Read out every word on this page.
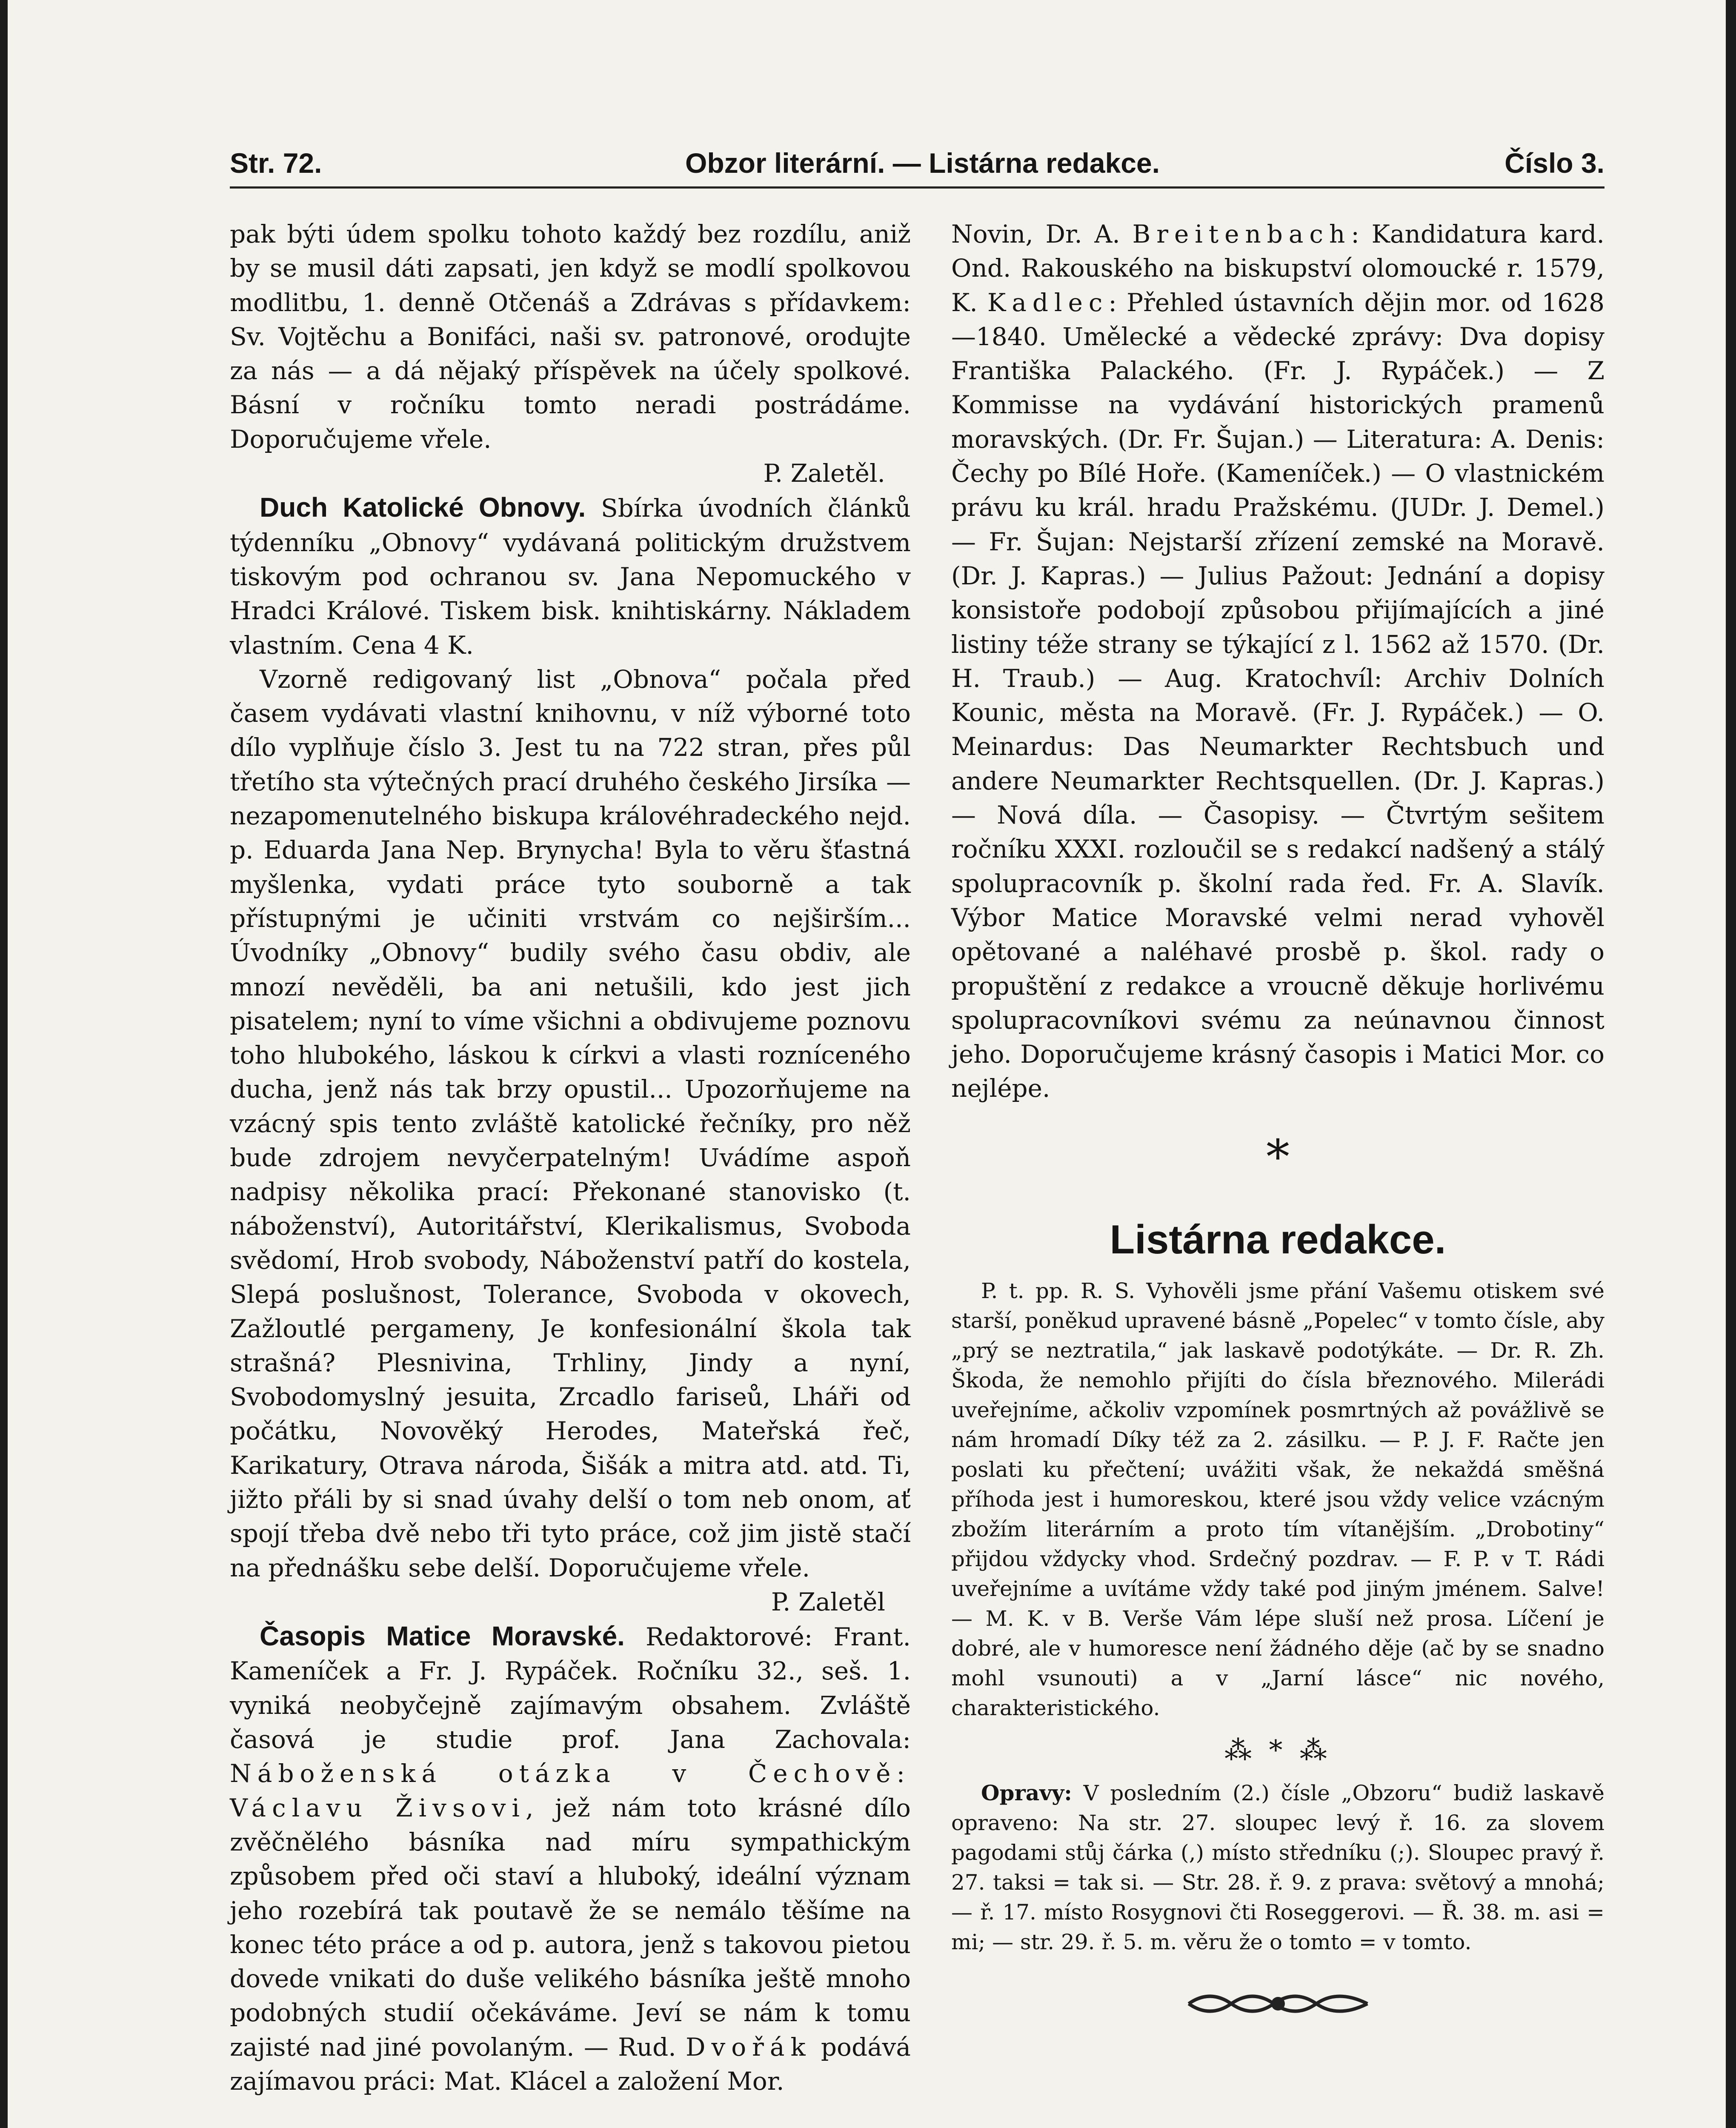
Str. 72.	Obzor literární. — Listárna redakce.	Číslo 3.

pak býti údem spolku tohoto každý bez rozdílu, aniž by se musil dáti zapsati, jen když se modlí spolkovou modlitbu, 1. denně Otčenáš a Zdrávas s přídavkem: Sv. Vojtěchu a Bonifáci, naši sv. patronové, orodujte za nás — a dá nějaký příspěvek na účely spolkové. Básní v ročníku tomto neradi postrádáme. Doporučujeme vřele.

P. Zaletěl.

Duch Katolické Obnovy. Sbírka úvodních článků týdenníku „Obnovy“ vydávaná politickým družstvem tiskovým pod ochranou sv. Jana Nepomuckého v Hradci Králové. Tiskem bisk. knihtiskárny. Nákladem vlastním. Cena 4 K.

Vzorně redigovaný list „Obnova“ počala před časem vydávati vlastní knihovnu, v níž výborné toto dílo vyplňuje číslo 3. Jest tu na 722 stran, přes půl třetího sta výtečných prací druhého českého Jirsíka — nezapomenutelného biskupa královéhradeckého nejd. p. Eduarda Jana Nep. Brynycha! Byla to věru šťastná myšlenka, vydati práce tyto souborně a tak přístupnými je učiniti vrstvám co nejširším... Úvodníky „Obnovy“ budily svého času obdiv, ale mnozí nevěděli, ba ani netušili, kdo jest jich pisatelem; nyní to víme všichni a obdivujeme poznovu toho hlubokého, láskou k církvi a vlasti rozníceného ducha, jenž nás tak brzy opustil... Upozorňujeme na vzácný spis tento zvláště katolické řečníky, pro něž bude zdrojem nevyčerpatelným! Uvádíme aspoň nadpisy několika prací: Překonané stanovisko (t. náboženství), Autoritářství, Klerikalismus, Svoboda svědomí, Hrob svobody, Náboženství patří do kostela, Slepá poslušnost, Tolerance, Svoboda v okovech, Zažloutlé pergameny, Je konfesionální škola tak strašná? Plesnivina, Trhliny, Jindy a nyní, Svobodomyslný jesuita, Zrcadlo fariseů, Lháři od počátku, Novověký Herodes, Mateřská řeč, Karikatury, Otrava národa, Šišák a mitra atd. atd. Ti, jižto přáli by si snad úvahy delší o tom neb onom, ať spojí třeba dvě nebo tři tyto práce, což jim jistě stačí na přednášku sebe delší. Doporučujeme vřele.

P. Zaletěl

Časopis Matice Moravské. Redaktorové: Frant. Kameníček a Fr. J. Rypáček. Ročníku 32., seš. 1. vyniká neobyčejně zajímavým obsahem. Zvláště časová je studie prof. Jana Zachovala: Náboženská otázka v Čechově: Václavu Živsovi, jež nám toto krásné dílo zvěčnělého básníka nad míru sympathickým způsobem před oči staví a hluboký, ideální význam jeho rozebírá tak poutavě že se nemálo těšíme na konec této práce a od p. autora, jenž s takovou pietou dovede vnikati do duše velikého básníka ještě mnoho podobných studií očekáváme. Jeví se nám k tomu zajisté nad jiné povolaným. — Rud. Dvořák podává zajímavou práci: Mat. Klácel a založení Mor.

Novin, Dr. A. Breitenbach: Kandidatura kard. Ond. Rakouského na biskupství olomoucké r. 1579, K. Kadlec: Přehled ústavních dějin mor. od 1628—1840. Umělecké a vědecké zprávy: Dva dopisy Františka Palackého. (Fr. J. Rypáček.) — Z Kommisse na vydávání historických pramenů moravských. (Dr. Fr. Šujan.) — Literatura: A. Denis: Čechy po Bílé Hoře. (Kameníček.) — O vlastnickém právu ku král. hradu Pražskému. (JUDr. J. Demel.) — Fr. Šujan: Nejstarší zřízení zemské na Moravě. (Dr. J. Kapras.) — Julius Pažout: Jednání a dopisy konsistoře podobojí způsobou přijímajících a jiné listiny téže strany se týkající z l. 1562 až 1570. (Dr. H. Traub.) — Aug. Kratochvíl: Archiv Dolních Kounic, města na Moravě. (Fr. J. Rypáček.) — O. Meinardus: Das Neumarkter Rechtsbuch und andere Neumarkter Rechtsquellen. (Dr. J. Kapras.) — Nová díla. — Časopisy. — Čtvrtým sešitem ročníku XXXI. rozloučil se s redakcí nadšený a stálý spolupracovník p. školní rada řed. Fr. A. Slavík. Výbor Matice Moravské velmi nerad vyhověl opětované a naléhavé prosbě p. škol. rady o propuštění z redakce a vroucně děkuje horlivému spolupracovníkovi svému za neúnavnou činnost jeho. Doporučujeme krásný časopis i Matici Mor. co nejlépe.

*
Listárna redakce.

P. t. pp. R. S. Vyhověli jsme přání Vašemu otiskem své starší, poněkud upravené básně „Popelec“ v tomto čísle, aby „prý se neztratila,“ jak laskavě podotýkáte. — Dr. R. Zh. Škoda, že nemohlo přijíti do čísla březnového. Milerádi uveřejníme, ačkoliv vzpomínek posmrtných až povážlivě se nám hromadí Díky též za 2. zásilku. — P. J. F. Račte jen poslati ku přečtení; uvážiti však, že nekaždá směšná příhoda jest i humoreskou, které jsou vždy velice vzácným zbožím literárním a proto tím vítanějším. „Drobotiny“ přijdou vždycky vhod. Srdečný pozdrav. — F. P. v T. Rádi uveřejníme a uvítáme vždy také pod jiným jménem. Salve! — M. K. v B. Verše Vám lépe sluší než prosa. Líčení je dobré, ale v humoresce není žádného děje (ač by se snadno mohl vsunouti) a v „Jarní lásce“ nic nového, charakteristického.

⁂ * ⁂

Opravy: V posledním (2.) čísle „Obzoru“ budiž laskavě opraveno: Na str. 27. sloupec levý ř. 16. za slovem pagodami stůj čárka (,) místo středníku (;). Sloupec pravý ř. 27. taksi = tak si. — Str. 28. ř. 9. z prava: světový a mnohá; — ř. 17. místo Rosygnovi čti Roseggerovi. — Ř. 38. m. asi = mi; — str. 29. ř. 5. m. věru že o tomto = v tomto.
